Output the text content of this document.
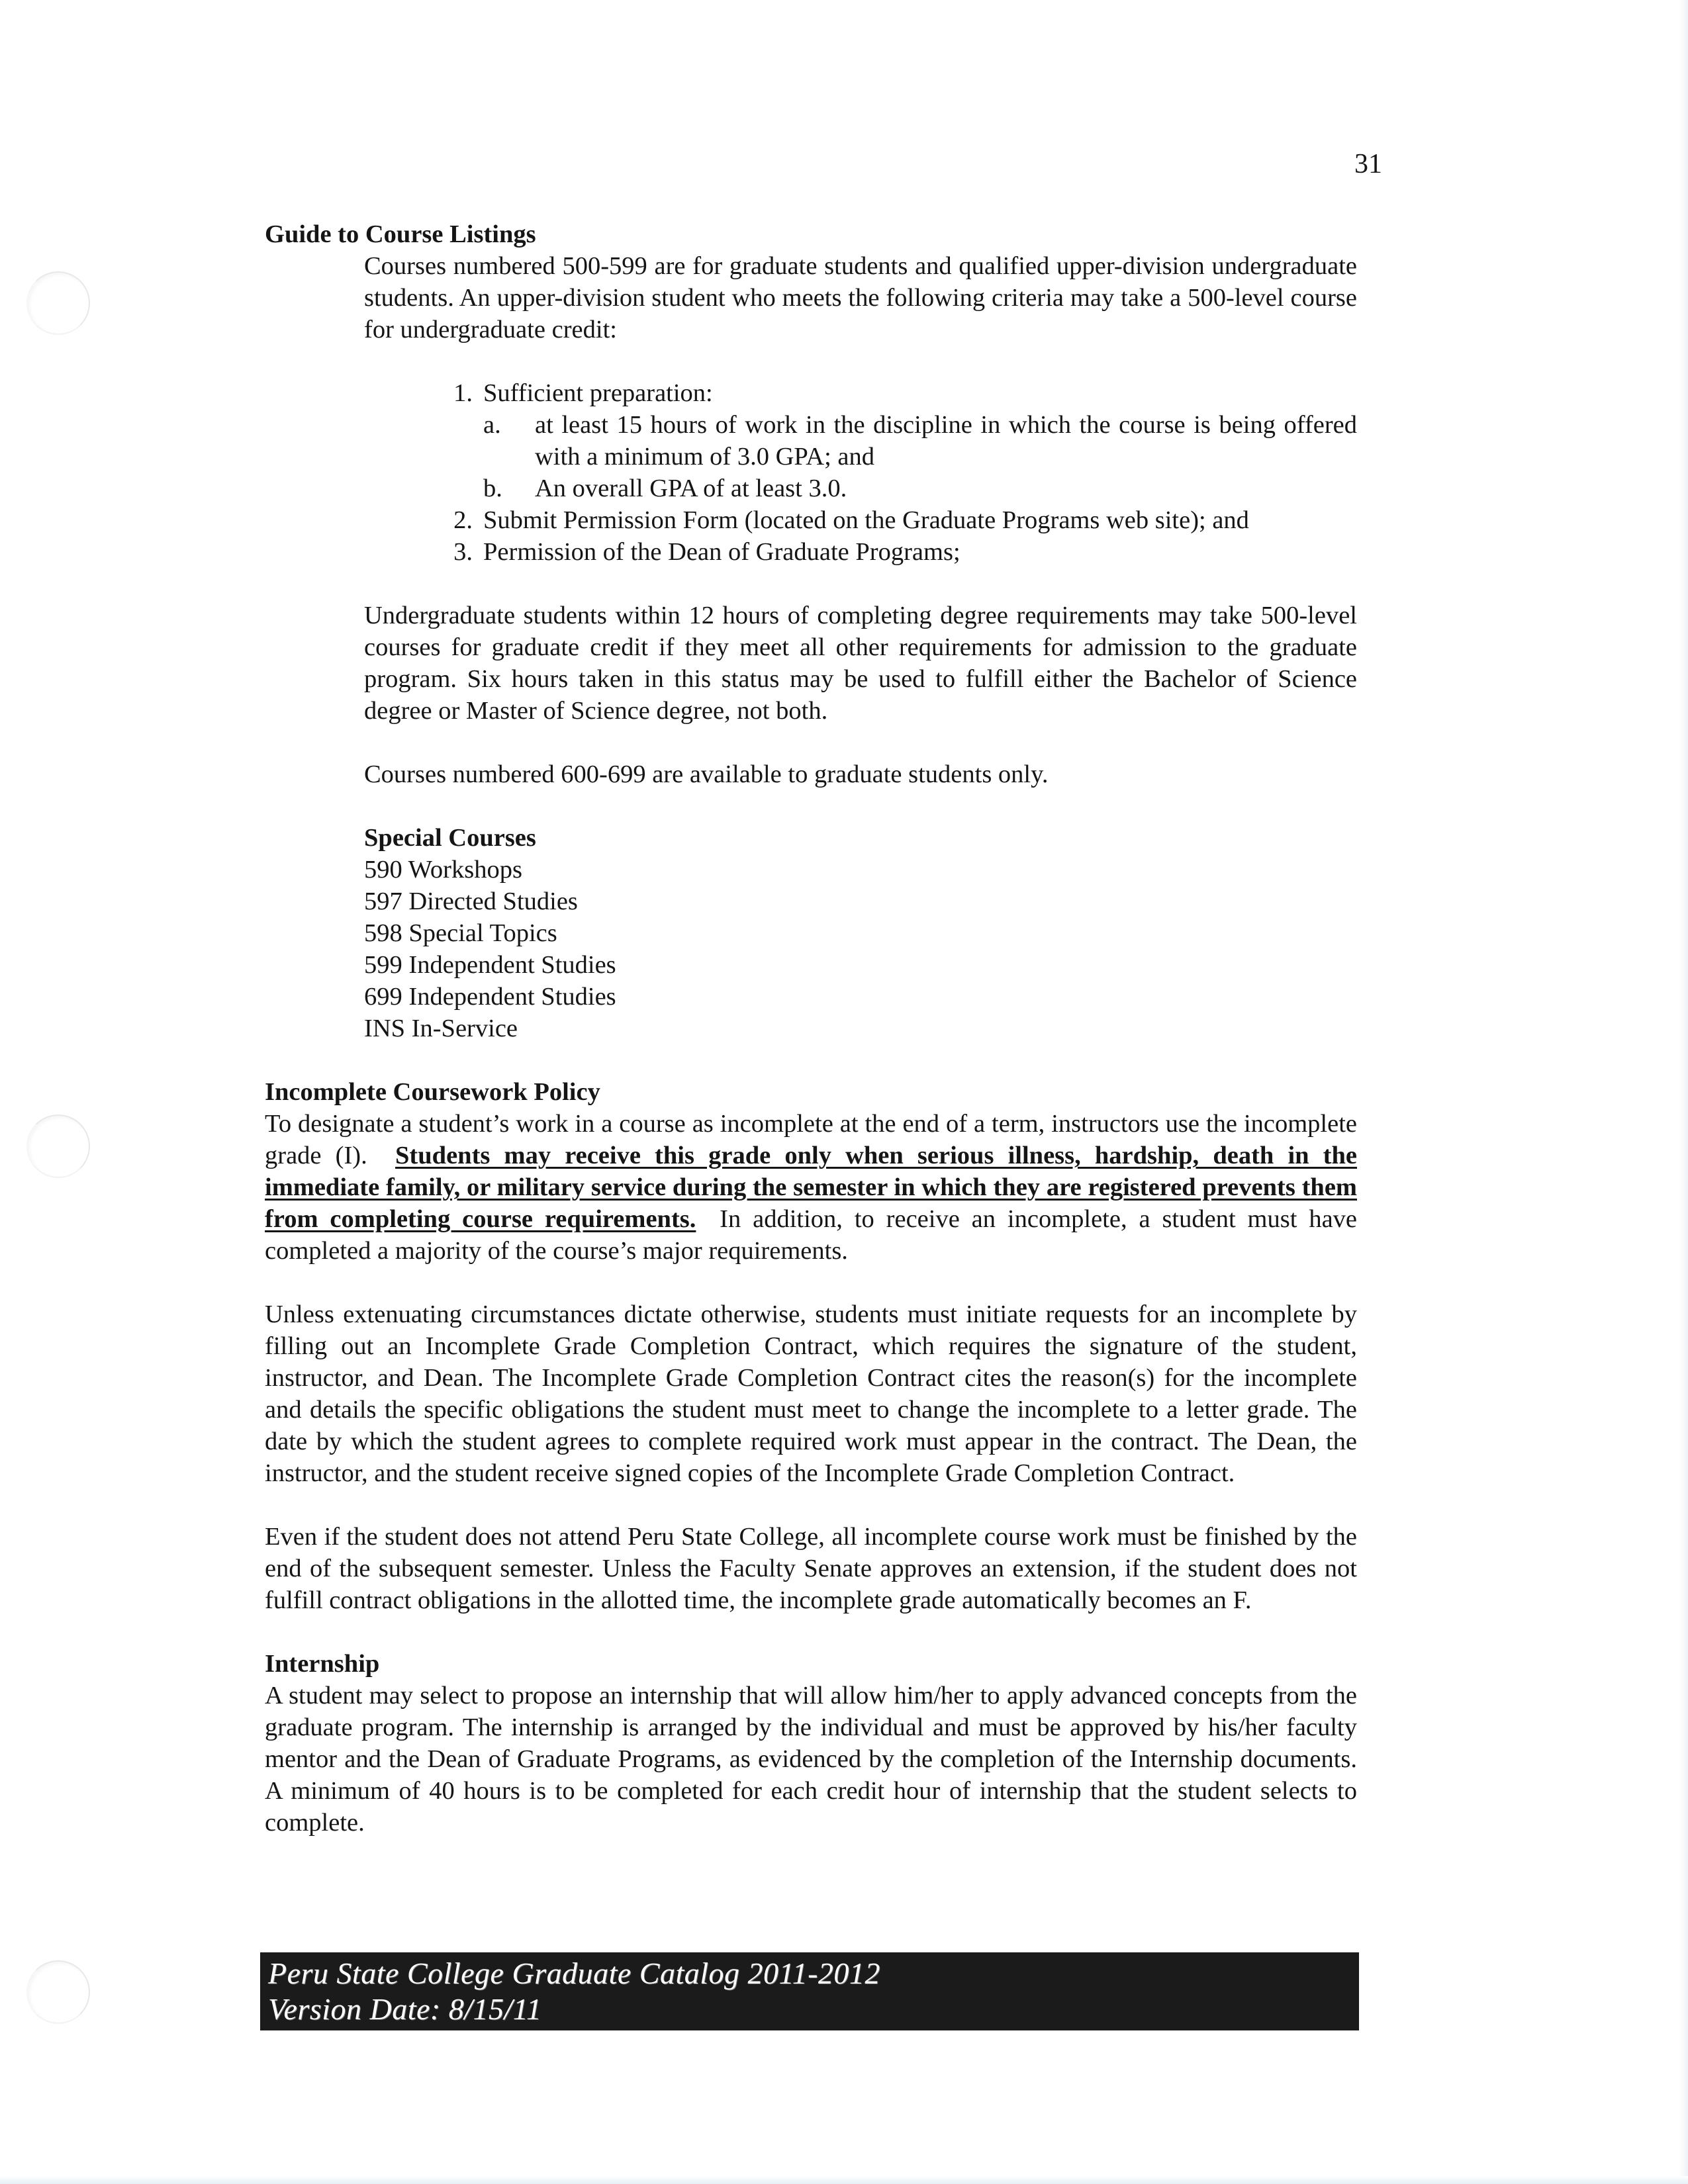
31

Guide to Course Listings

Courses numbered 500-599 are for graduate students and qualified upper-division undergraduate students. An upper-division student who meets the following criteria may take a 500-level course for undergraduate credit:

1. Sufficient preparation:
a.	at least 15 hours of work in the discipline in which the course is being offered with a minimum of 3.0 GPA; and
b.	An overall GPA of at least 3.0.
2. Submit Permission Form (located on the Graduate Programs web site); and
3. Permission of the Dean of Graduate Programs;

Undergraduate students within 12 hours of completing degree requirements may take 500-level courses for graduate credit if they meet all other requirements for admission to the graduate program. Six hours taken in this status may be used to fulfill either the Bachelor of Science degree or Master of Science degree, not both.

Courses numbered 600-699 are available to graduate students only.

Special Courses

590 Workshops

597 Directed Studies

598 Special Topics

599 Independent Studies

699 Independent Studies

INS In-Service

Incomplete Coursework Policy

To designate a student’s work in a course as incomplete at the end of a term, instructors use the incomplete grade (I). Students may receive this grade only when serious illness, hardship, death in the immediate family, or military service during the semester in which they are registered prevents them from completing course requirements. In addition, to receive an incomplete, a student must have completed a majority of the course’s major requirements.

Unless extenuating circumstances dictate otherwise, students must initiate requests for an incomplete by filling out an Incomplete Grade Completion Contract, which requires the signature of the student, instructor, and Dean. The Incomplete Grade Completion Contract cites the reason(s) for the incomplete and details the specific obligations the student must meet to change the incomplete to a letter grade. The date by which the student agrees to complete required work must appear in the contract. The Dean, the instructor, and the student receive signed copies of the Incomplete Grade Completion Contract.

Even if the student does not attend Peru State College, all incomplete course work must be finished by the end of the subsequent semester. Unless the Faculty Senate approves an extension, if the student does not fulfill contract obligations in the allotted time, the incomplete grade automatically becomes an F.

Internship

A student may select to propose an internship that will allow him/her to apply advanced concepts from the graduate program. The internship is arranged by the individual and must be approved by his/her faculty mentor and the Dean of Graduate Programs, as evidenced by the completion of the Internship documents. A minimum of 40 hours is to be completed for each credit hour of internship that the student selects to complete.

Peru State College Graduate Catalog 2011-2012
Version Date: 8/15/11
